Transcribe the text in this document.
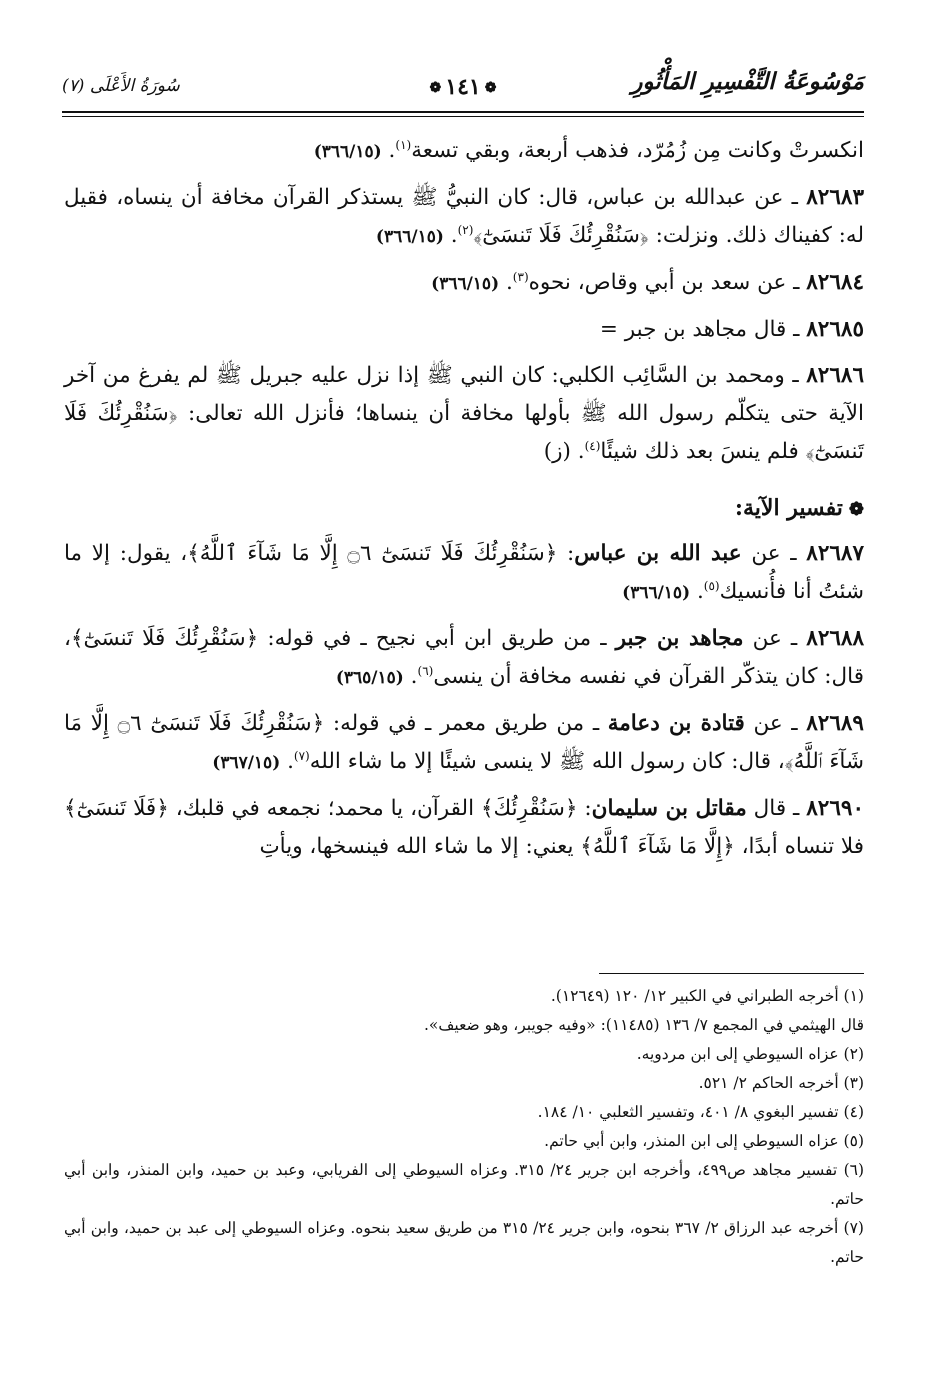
مَوْسُوعَةُ التَّفْسِيرِ المَأْثُورِ
❁١٤١❁
سُورَةُ الأَعْلَى (٧)

انكسرتْ وكانت مِن زُمُرّد، فذهب أربعة، وبقي تسعة$^{(١)}$. (٣٦٦/١٥)

٨٢٦٨٣ ـ عن عبدالله بن عباس، قال: كان النبيُّ ﷺ يستذكر القرآن مخافة أن ينساه، فقيل له: كفيناك ذلك. ونزلت: ﴿سَنُقْرِئُكَ فَلَا تَنسَىٰٓ﴾$^{(٢)}$. (٣٦٦/١٥)

٨٢٦٨٤ ـ عن سعد بن أبي وقاص، نحوه$^{(٣)}$. (٣٦٦/١٥)

٨٢٦٨٥ ـ قال مجاهد بن جبر =

٨٢٦٨٦ ـ ومحمد بن السَّائِب الكلبي: كان النبي ﷺ إذا نزل عليه جبريل ﷺ لم يفرغ من آخر الآية حتى يتكلّم رسول الله ﷺ بأولها مخافة أن ينساها؛ فأنزل الله تعالى: ﴿سَنُقْرِئُكَ فَلَا تَنسَىٰٓ﴾ فلم ينسَ بعد ذلك شيئًا$^{(٤)}$. (ز)

❁تفسير الآية:

٨٢٦٨٧ ـ عن عبد الله بن عباس: ﴿سَنُقْرِئُكَ فَلَا تَنسَىٰٓ ۝٦ إِلَّا مَا شَآءَ ٱللَّهُ﴾، يقول: إلا ما شئتُ أنا فأُنسيك$^{(٥)}$. (٣٦٦/١٥)

٨٢٦٨٨ ـ عن مجاهد بن جبر ـ من طريق ابن أبي نجيح ـ في قوله: ﴿سَنُقْرِئُكَ فَلَا تَنسَىٰٓ﴾، قال: كان يتذكّر القرآن في نفسه مخافة أن ينسى$^{(٦)}$. (٣٦٥/١٥)

٨٢٦٨٩ ـ عن قتادة بن دعامة ـ من طريق معمر ـ في قوله: ﴿سَنُقْرِئُكَ فَلَا تَنسَىٰٓ ۝٦ إِلَّا مَا شَآءَ ٱللَّهُ﴾، قال: كان رسول الله ﷺ لا ينسى شيئًا إلا ما شاء الله$^{(٧)}$. (٣٦٧/١٥)

٨٢٦٩٠ ـ قال مقاتل بن سليمان: ﴿سَنُقْرِئُكَ﴾ القرآن، يا محمد؛ نجمعه في قلبك، ﴿فَلَا تَنسَىٰٓ﴾ فلا تنساه أبدًا، ﴿إِلَّا مَا شَآءَ ٱللَّهُ﴾ يعني: إلا ما شاء الله فينسخها، ويأتِ

(١) أخرجه الطبراني في الكبير ١٢/ ١٢٠ (١٢٦٤٩).
قال الهيثمي في المجمع ٧/ ١٣٦ (١١٤٨٥): «وفيه جويبر، وهو ضعيف».
(٢) عزاه السيوطي إلى ابن مردويه.
(٣) أخرجه الحاكم ٢/ ٥٢١.
(٤) تفسير البغوي ٨/ ٤٠١، وتفسير الثعلبي ١٠/ ١٨٤.
(٥) عزاه السيوطي إلى ابن المنذر، وابن أبي حاتم.
(٦) تفسير مجاهد ص٤٩٩، وأخرجه ابن جرير ٢٤/ ٣١٥. وعزاه السيوطي إلى الفريابي، وعبد بن حميد، وابن المنذر، وابن أبي حاتم.
(٧) أخرجه عبد الرزاق ٢/ ٣٦٧ بنحوه، وابن جرير ٢٤/ ٣١٥ من طريق سعيد بنحوه. وعزاه السيوطي إلى عبد بن حميد، وابن أبي حاتم.
